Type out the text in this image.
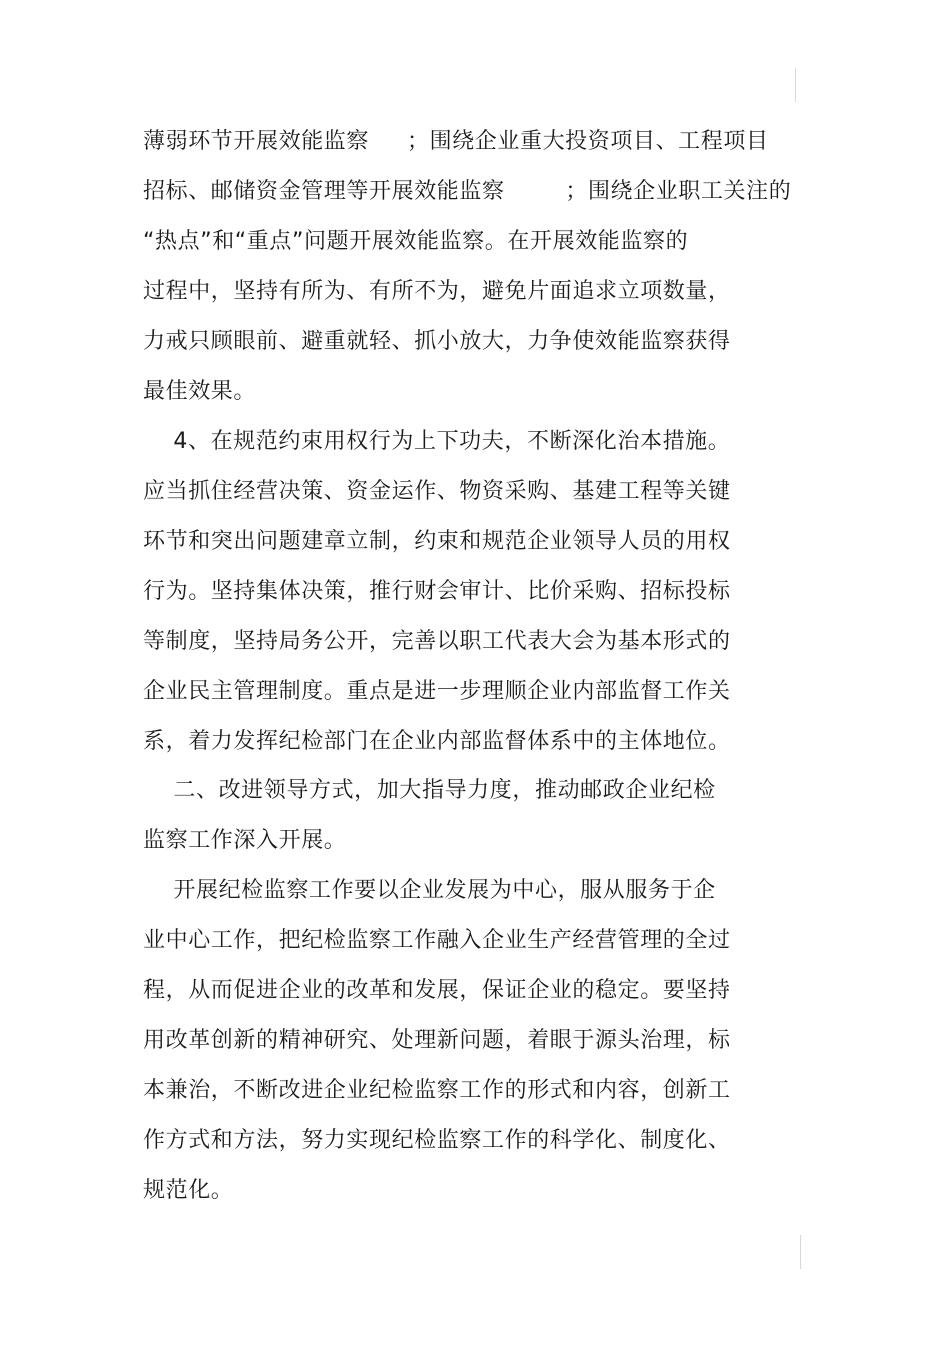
薄弱环节开展效能监察     ；围绕企业重大投资项目、工程项目

招标、邮储资金管理等开展效能监察        ；围绕企业职工关注的

“热点”和“重点”问题开展效能监察。在开展效能监察的

过程中，坚持有所为、有所不为，避免片面追求立项数量，

力戒只顾眼前、避重就轻、抓小放大，力争使效能监察获得

最佳效果。

4、在规范约束用权行为上下功夫，不断深化治本措施。

应当抓住经营决策、资金运作、物资采购、基建工程等关键

环节和突出问题建章立制，约束和规范企业领导人员的用权

行为。坚持集体决策，推行财会审计、比价采购、招标投标

等制度，坚持局务公开，完善以职工代表大会为基本形式的

企业民主管理制度。重点是进一步理顺企业内部监督工作关

系，着力发挥纪检部门在企业内部监督体系中的主体地位。

二、改进领导方式，加大指导力度，推动邮政企业纪检

监察工作深入开展。

开展纪检监察工作要以企业发展为中心，服从服务于企

业中心工作，把纪检监察工作融入企业生产经营管理的全过

程，从而促进企业的改革和发展，保证企业的稳定。要坚持

用改革创新的精神研究、处理新问题，着眼于源头治理，标

本兼治，不断改进企业纪检监察工作的形式和内容，创新工

作方式和方法，努力实现纪检监察工作的科学化、制度化、

规范化。
